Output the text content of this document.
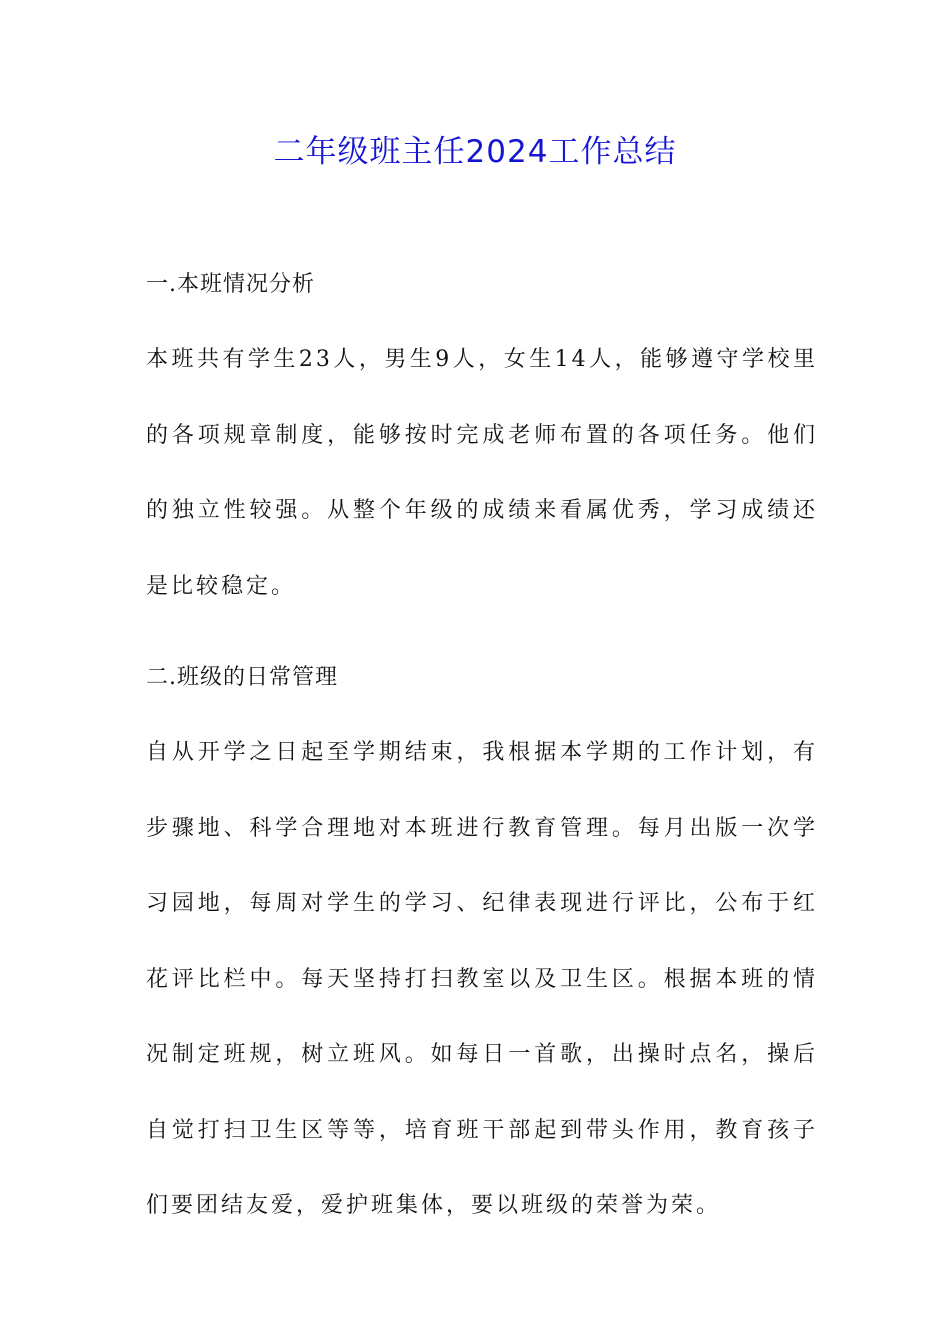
二年级班主任2024工作总结
一.本班情况分析
本班共有学生23人，男生9人，女生14人，能够遵守学校里的各项规章制度，能够按时完成老师布置的各项任务。他们的独立性较强。从整个年级的成绩来看属优秀，学习成绩还是比较稳定。
二.班级的日常管理
自从开学之日起至学期结束，我根据本学期的工作计划，有步骤地、科学合理地对本班进行教育管理。每月出版一次学习园地，每周对学生的学习、纪律表现进行评比，公布于红花评比栏中。每天坚持打扫教室以及卫生区。根据本班的情况制定班规，树立班风。如每日一首歌，出操时点名，操后自觉打扫卫生区等等，培育班干部起到带头作用，教育孩子们要团结友爱，爱护班集体，要以班级的荣誉为荣。
